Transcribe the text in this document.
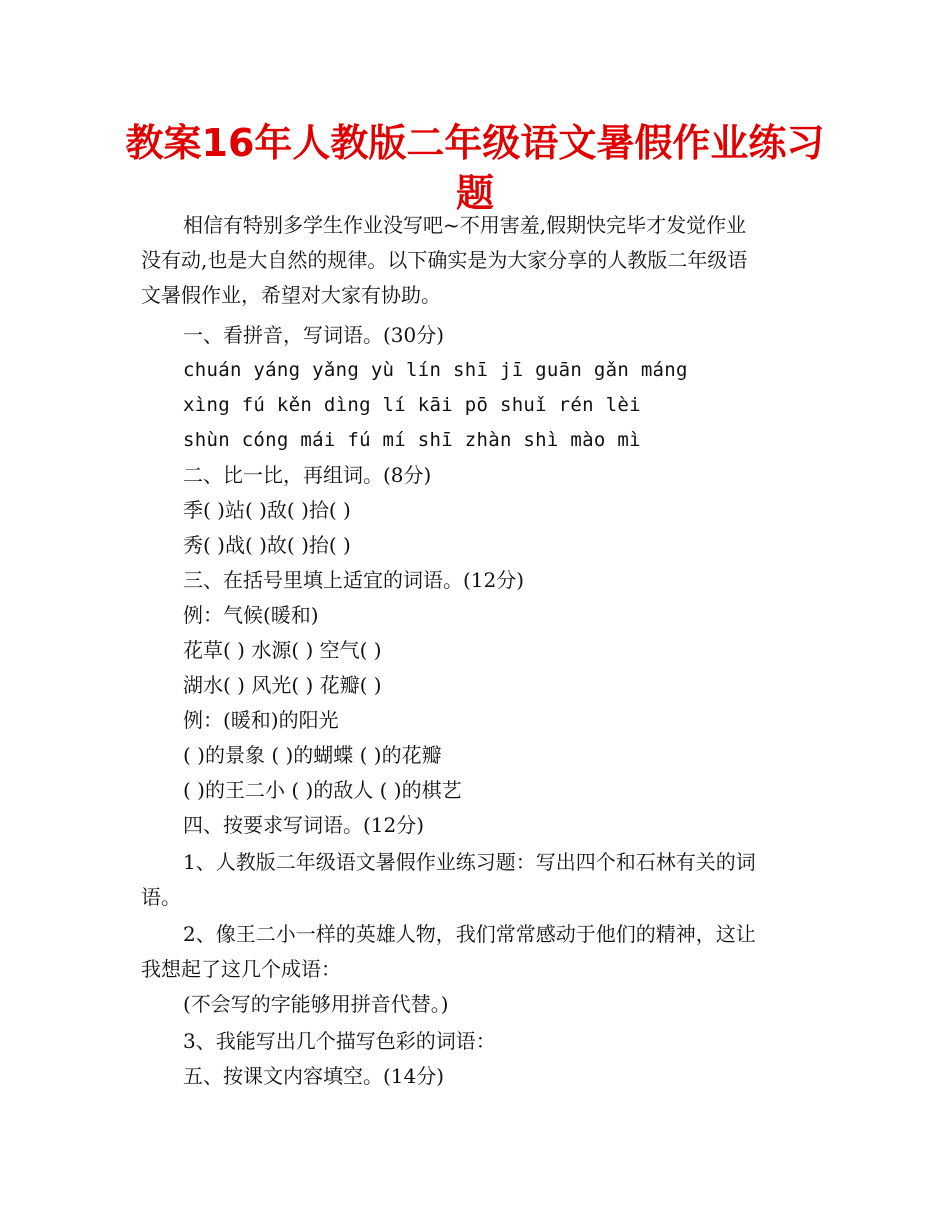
教案16年人教版二年级语文暑假作业练习
题
相信有特别多学生作业没写吧~不用害羞,假期快完毕才发觉作业
没有动,也是大自然的规律。以下确实是为大家分享的人教版二年级语
文暑假作业，希望对大家有协助。
一、看拼音，写词语。(30分)
chuán yáng yǎng yù lín shī jī guān gǎn máng
xìng fú kěn dìng lí kāi pō shuǐ rén lèi
shùn cóng mái fú mí shī zhàn shì mào mì
二、比一比，再组词。(8分)
季( )站( )敌( )拾( )
秀( )战( )故( )抬( )
三、在括号里填上适宜的词语。(12分)
例：气候(暖和)
花草( ) 水源( ) 空气( )
湖水( ) 风光( ) 花瓣( )
例：(暖和)的阳光
( )的景象 ( )的蝴蝶 ( )的花瓣
( )的王二小 ( )的敌人 ( )的棋艺
四、按要求写词语。(12分)
1、人教版二年级语文暑假作业练习题：写出四个和石林有关的词
语。
2、像王二小一样的英雄人物，我们常常感动于他们的精神，这让
我想起了这几个成语：
(不会写的字能够用拼音代替。)
3、我能写出几个描写色彩的词语：
五、按课文内容填空。(14分)
